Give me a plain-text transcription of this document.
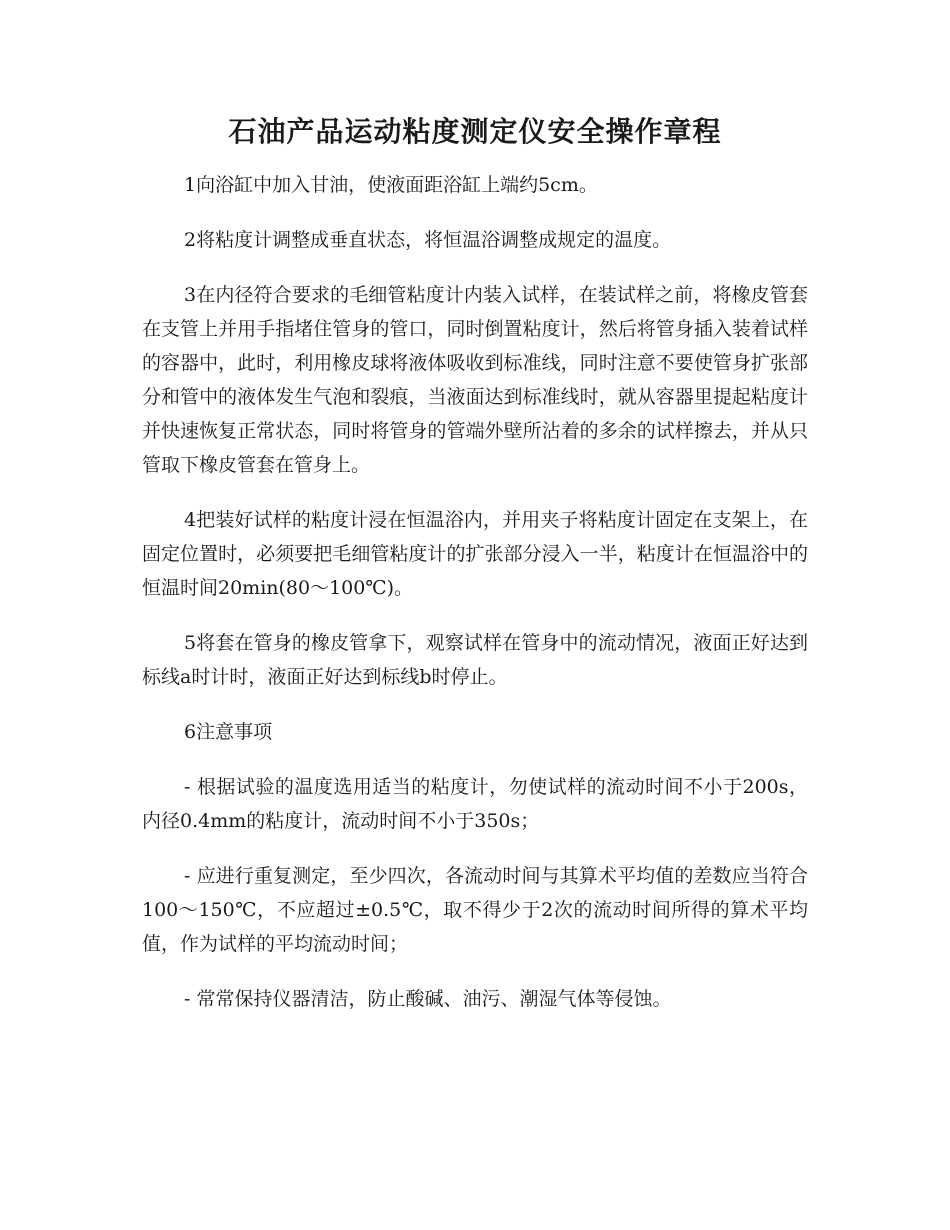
石油产品运动粘度测定仪安全操作章程

1向浴缸中加入甘油，使液面距浴缸上端约5cm。

2将粘度计调整成垂直状态，将恒温浴调整成规定的温度。

3在内径符合要求的毛细管粘度计内装入试样，在装试样之前，将橡皮管套在支管上并用手指堵住管身的管口，同时倒置粘度计，然后将管身插入装着试样的容器中，此时，利用橡皮球将液体吸收到标准线，同时注意不要使管身扩张部分和管中的液体发生气泡和裂痕，当液面达到标准线时，就从容器里提起粘度计并快速恢复正常状态，同时将管身的管端外壁所沾着的多余的试样擦去，并从只管取下橡皮管套在管身上。

4把装好试样的粘度计浸在恒温浴内，并用夹子将粘度计固定在支架上，在固定位置时，必须要把毛细管粘度计的扩张部分浸入一半，粘度计在恒温浴中的恒温时间20min(80～100℃)。

5将套在管身的橡皮管拿下，观察试样在管身中的流动情况，液面正好达到标线a时计时，液面正好达到标线b时停止。

6注意事项

- 根据试验的温度选用适当的粘度计，勿使试样的流动时间不小于200s，内径0.4mm的粘度计，流动时间不小于350s；

- 应进行重复测定，至少四次，各流动时间与其算术平均值的差数应当符合100～150℃，不应超过±0.5℃，取不得少于2次的流动时间所得的算术平均值，作为试样的平均流动时间；

- 常常保持仪器清洁，防止酸碱、油污、潮湿气体等侵蚀。
